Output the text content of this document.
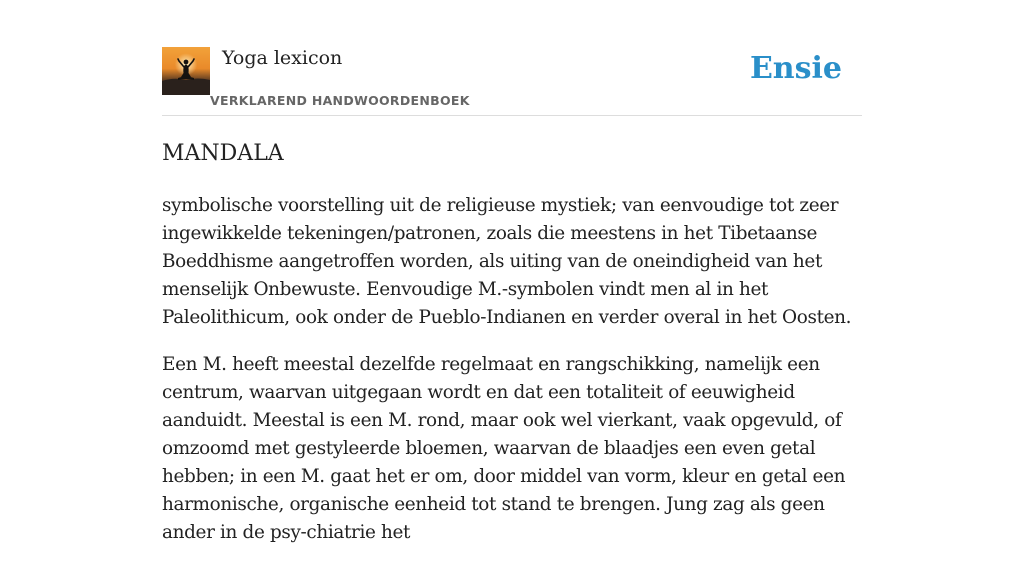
Yoga lexicon
VERKLAREND HANDWOORDENBOEK
Ensie
MANDALA

symbolische voorstelling uit de religieuse mystiek; van eenvoudige tot zeer ingewikkelde tekeningen/patronen, zoals die meestens in het Tibetaanse Boeddhisme aangetroffen worden, als uiting van de oneindigheid van het menselijk Onbewuste. Eenvoudige M.-symbolen vindt men al in het Paleolithicum, ook onder de Pueblo-Indianen en verder overal in het Oosten.

Een M. heeft meestal dezelfde regelmaat en rangschikking, namelijk een centrum, waarvan uitgegaan wordt en dat een totaliteit of eeuwigheid aanduidt. Meestal is een M. rond, maar ook wel vierkant, vaak opgevuld, of omzoomd met gestyleerde bloemen, waarvan de blaadjes een even getal hebben; in een M. gaat het er om, door middel van vorm, kleur en getal een harmonische, organische eenheid tot stand te brengen. Jung zag als geen ander in de psy-chiatrie het
